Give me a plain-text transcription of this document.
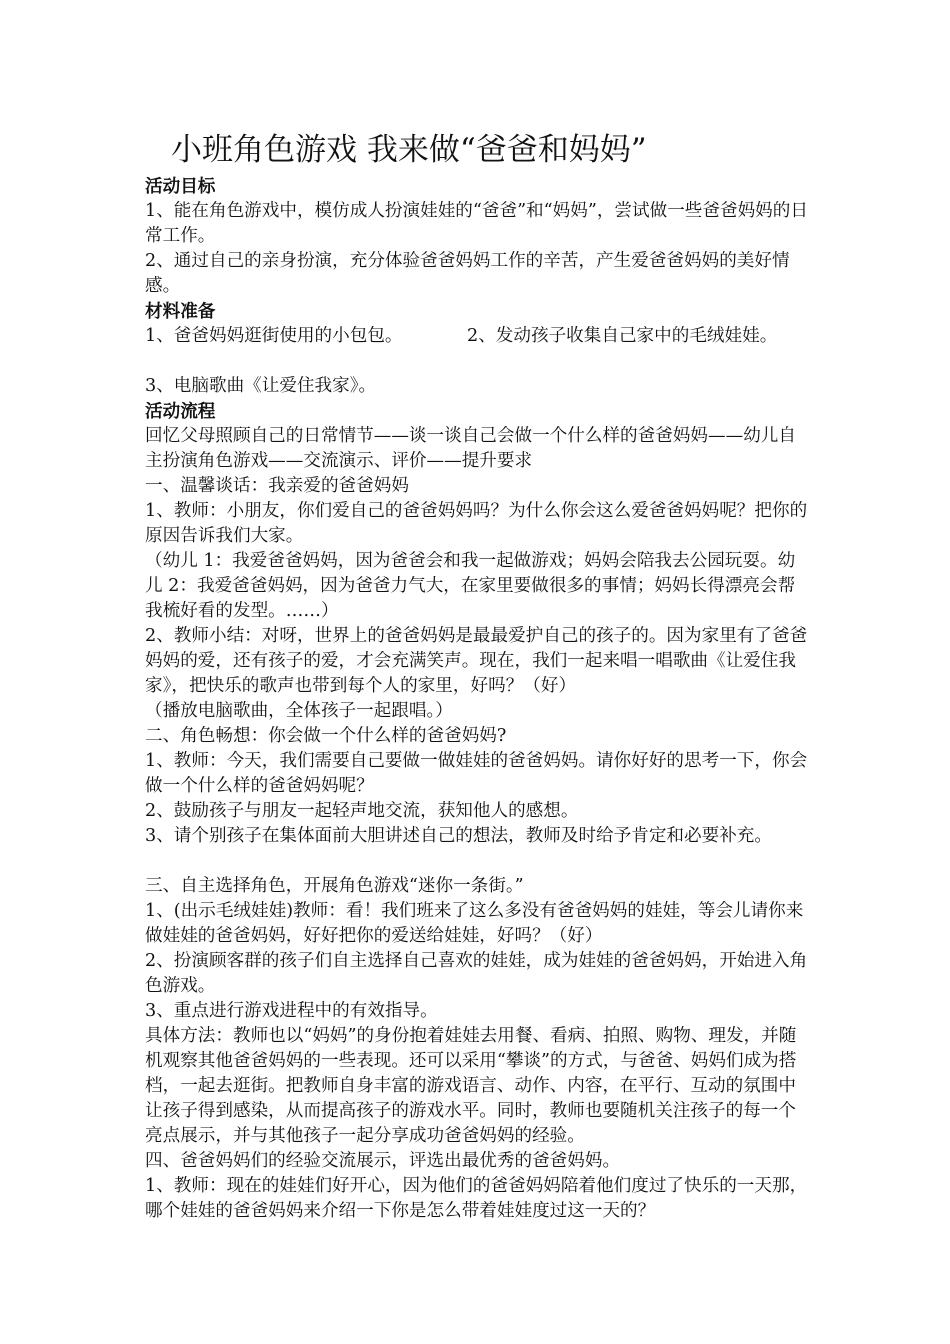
小班角色游戏 我来做“爸爸和妈妈”

活动目标

1、能在角色游戏中，模仿成人扮演娃娃的“爸爸”和“妈妈”，尝试做一些爸爸妈妈的日常工作。

2、通过自己的亲身扮演，充分体验爸爸妈妈工作的辛苦，产生爱爸爸妈妈的美好情感。

材料准备

1、爸爸妈妈逛街使用的小包包。	2、发动孩子收集自己家中的毛绒娃娃。

3、电脑歌曲《让爱住我家》。

活动流程

回忆父母照顾自己的日常情节——谈一谈自己会做一个什么样的爸爸妈妈——幼儿自主扮演角色游戏——交流演示、评价——提升要求

一、温馨谈话：我亲爱的爸爸妈妈

1、教师：小朋友，你们爱自己的爸爸妈妈吗？为什么你会这么爱爸爸妈妈呢？把你的原因告诉我们大家。

（幼儿 1：我爱爸爸妈妈，因为爸爸会和我一起做游戏；妈妈会陪我去公园玩耍。幼儿 2：我爱爸爸妈妈，因为爸爸力气大，在家里要做很多的事情；妈妈长得漂亮会帮我梳好看的发型。……）

2、教师小结：对呀，世界上的爸爸妈妈是最最爱护自己的孩子的。因为家里有了爸爸妈妈的爱，还有孩子的爱，才会充满笑声。现在，我们一起来唱一唱歌曲《让爱住我家》，把快乐的歌声也带到每个人的家里，好吗？（好）

（播放电脑歌曲，全体孩子一起跟唱。）

二、角色畅想：你会做一个什么样的爸爸妈妈?

1、教师：今天，我们需要自己要做一做娃娃的爸爸妈妈。请你好好的思考一下，你会做一个什么样的爸爸妈妈呢？

2、鼓励孩子与朋友一起轻声地交流，获知他人的感想。

3、请个别孩子在集体面前大胆讲述自己的想法，教师及时给予肯定和必要补充。

三、自主选择角色，开展角色游戏“迷你一条街。”

1、(出示毛绒娃娃)教师：看！我们班来了这么多没有爸爸妈妈的娃娃，等会儿请你来做娃娃的爸爸妈妈，好好把你的爱送给娃娃，好吗？（好）

2、扮演顾客群的孩子们自主选择自己喜欢的娃娃，成为娃娃的爸爸妈妈，开始进入角色游戏。

3、重点进行游戏进程中的有效指导。

具体方法：教师也以“妈妈”的身份抱着娃娃去用餐、看病、拍照、购物、理发，并随机观察其他爸爸妈妈的一些表现。还可以采用“攀谈”的方式，与爸爸、妈妈们成为搭档，一起去逛街。把教师自身丰富的游戏语言、动作、内容，在平行、互动的氛围中让孩子得到感染，从而提高孩子的游戏水平。同时，教师也要随机关注孩子的每一个亮点展示，并与其他孩子一起分享成功爸爸妈妈的经验。

四、爸爸妈妈们的经验交流展示，评选出最优秀的爸爸妈妈。

1、教师：现在的娃娃们好开心，因为他们的爸爸妈妈陪着他们度过了快乐的一天那，哪个娃娃的爸爸妈妈来介绍一下你是怎么带着娃娃度过这一天的？
